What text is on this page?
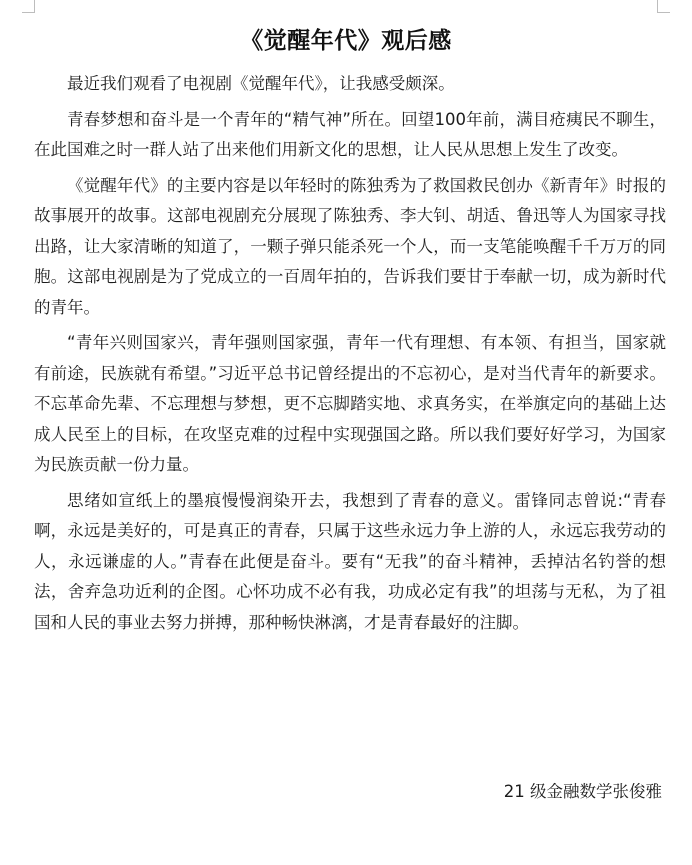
《觉醒年代》观后感

最近我们观看了电视剧《觉醒年代》，让我感受颇深。

青春梦想和奋斗是一个青年的“精气神”所在。回望100年前，满目疮痍民不聊生，在此国难之时一群人站了出来他们用新文化的思想，让人民从思想上发生了改变。

《觉醒年代》的主要内容是以年轻时的陈独秀为了救国救民创办《新青年》时报的故事展开的故事。这部电视剧充分展现了陈独秀、李大钊、胡适、鲁迅等人为国家寻找出路，让大家清晰的知道了，一颗子弹只能杀死一个人，而一支笔能唤醒千千万万的同胞。这部电视剧是为了党成立的一百周年拍的，告诉我们要甘于奉献一切，成为新时代的青年。

“青年兴则国家兴，青年强则国家强，青年一代有理想、有本领、有担当，国家就有前途，民族就有希望。”习近平总书记曾经提出的不忘初心，是对当代青年的新要求。不忘革命先辈、不忘理想与梦想，更不忘脚踏实地、求真务实，在举旗定向的基础上达成人民至上的目标，在攻坚克难的过程中实现强国之路。所以我们要好好学习，为国家为民族贡献一份力量。

思绪如宣纸上的墨痕慢慢润染开去，我想到了青春的意义。雷锋同志曾说:“青春啊，永远是美好的，可是真正的青春，只属于这些永远力争上游的人，永远忘我劳动的人，永远谦虚的人。”青春在此便是奋斗。要有“无我”的奋斗精神，丢掉沽名钓誉的想法，舍弃急功近利的企图。心怀功成不必有我，功成必定有我”的坦荡与无私，为了祖国和人民的事业去努力拼搏，那种畅快淋漓，才是青春最好的注脚。

21 级金融数学张俊雅
